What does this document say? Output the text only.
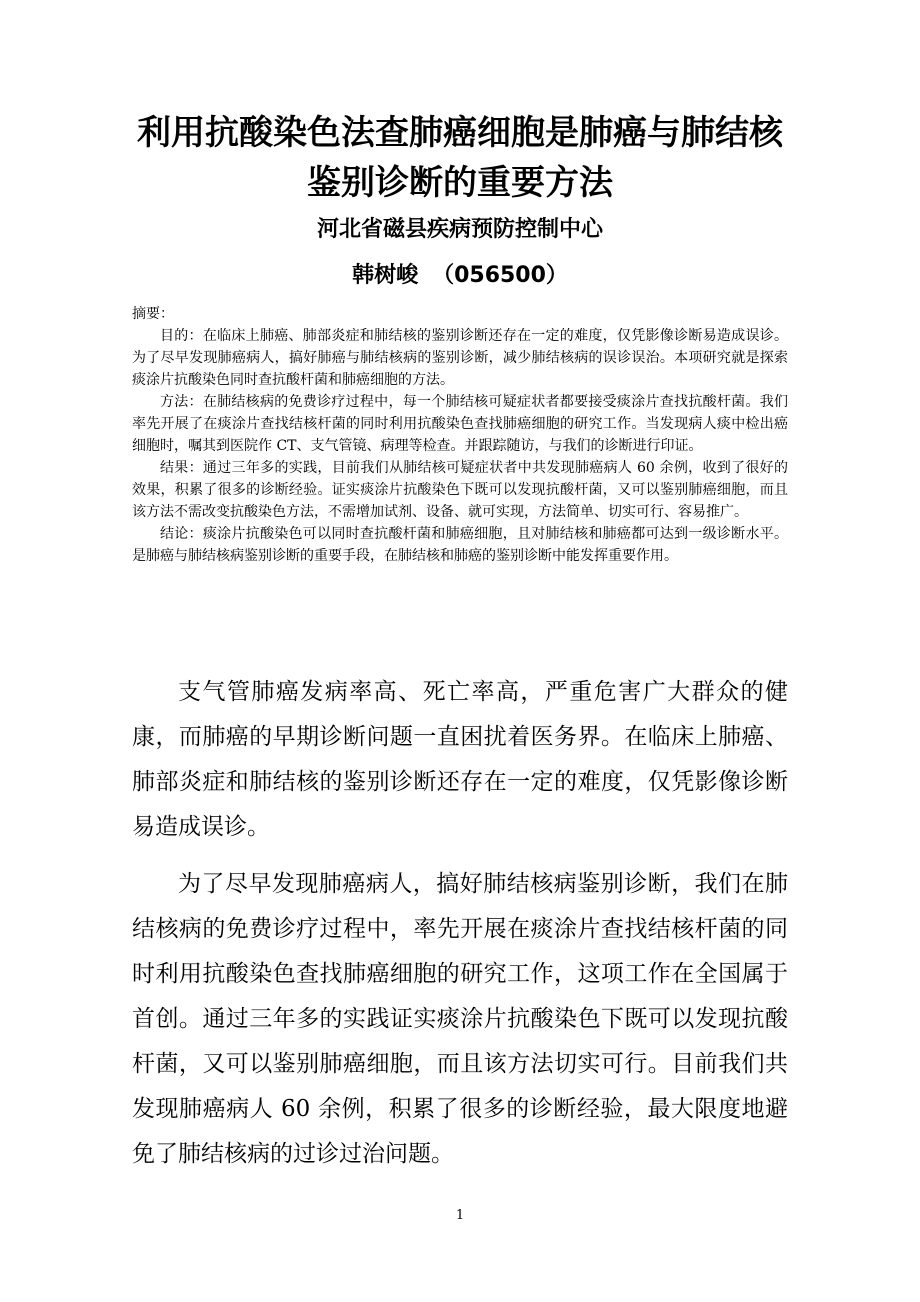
利用抗酸染色法查肺癌细胞是肺癌与肺结核
鉴别诊断的重要方法
河北省磁县疾病预防控制中心
韩树峻 （056500）

摘要：

目的：在临床上肺癌、肺部炎症和肺结核的鉴别诊断还存在一定的难度，仅凭影像诊断易造成误诊。为了尽早发现肺癌病人，搞好肺癌与肺结核病的鉴别诊断，减少肺结核病的误诊误治。本项研究就是探索痰涂片抗酸染色同时查抗酸杆菌和肺癌细胞的方法。

方法：在肺结核病的免费诊疗过程中，每一个肺结核可疑症状者都要接受痰涂片查找抗酸杆菌。我们率先开展了在痰涂片查找结核杆菌的同时利用抗酸染色查找肺癌细胞的研究工作。当发现病人痰中检出癌细胞时，嘱其到医院作 CT、支气管镜、病理等检查。并跟踪随访，与我们的诊断进行印证。

结果：通过三年多的实践，目前我们从肺结核可疑症状者中共发现肺癌病人 60 余例，收到了很好的效果，积累了很多的诊断经验。证实痰涂片抗酸染色下既可以发现抗酸杆菌，又可以鉴别肺癌细胞，而且该方法不需改变抗酸染色方法，不需增加试剂、设备、就可实现，方法简单、切实可行、容易推广。

结论：痰涂片抗酸染色可以同时查抗酸杆菌和肺癌细胞，且对肺结核和肺癌都可达到一级诊断水平。是肺癌与肺结核病鉴别诊断的重要手段，在肺结核和肺癌的鉴别诊断中能发挥重要作用。

支气管肺癌发病率高、死亡率高，严重危害广大群众的健康，而肺癌的早期诊断问题一直困扰着医务界。在临床上肺癌、肺部炎症和肺结核的鉴别诊断还存在一定的难度，仅凭影像诊断易造成误诊。

为了尽早发现肺癌病人，搞好肺结核病鉴别诊断，我们在肺结核病的免费诊疗过程中，率先开展在痰涂片查找结核杆菌的同时利用抗酸染色查找肺癌细胞的研究工作，这项工作在全国属于首创。通过三年多的实践证实痰涂片抗酸染色下既可以发现抗酸杆菌，又可以鉴别肺癌细胞，而且该方法切实可行。目前我们共发现肺癌病人 60 余例，积累了很多的诊断经验，最大限度地避免了肺结核病的过诊过治问题。

1
